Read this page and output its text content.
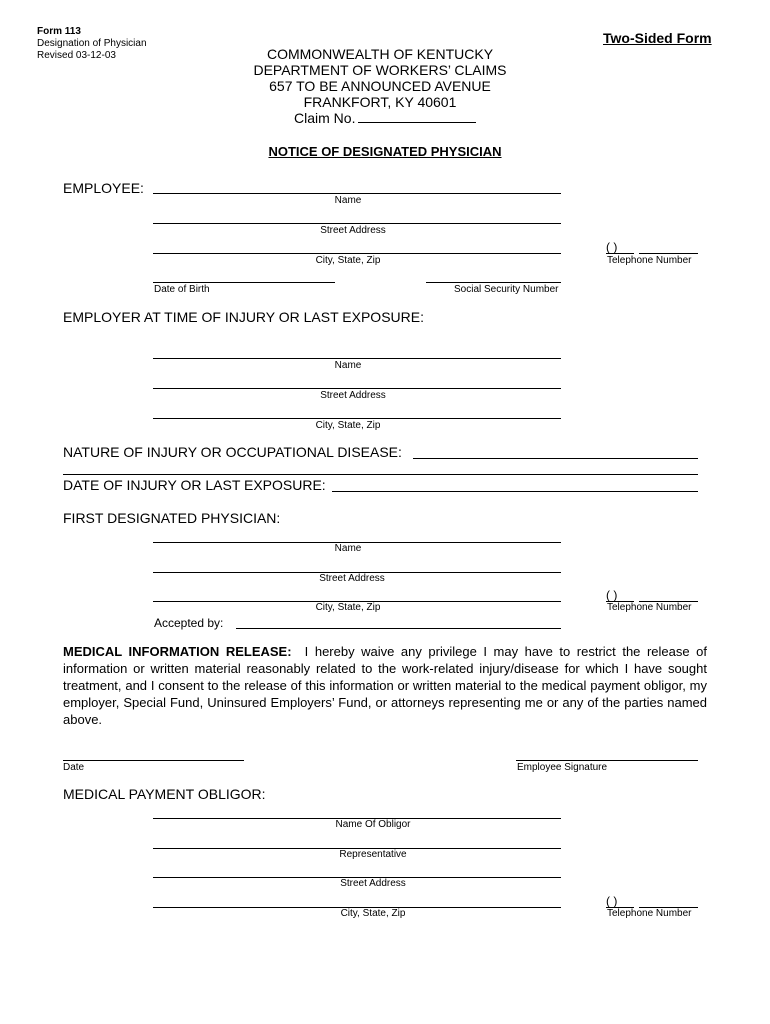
Form 113
Designation of Physician
Revised 03-12-03
Two-Sided Form
COMMONWEALTH OF KENTUCKY
DEPARTMENT OF WORKERS’ CLAIMS
657 TO BE ANNOUNCED AVENUE
FRANKFORT, KY 40601
Claim No.
NOTICE OF DESIGNATED PHYSICIAN
EMPLOYEE:
Name
Street Address
City, State, Zip
( )
Telephone Number
Date of Birth	Social Security Number
EMPLOYER AT TIME OF INJURY OR LAST EXPOSURE:
Name
Street Address
City, State, Zip
NATURE OF INJURY OR OCCUPATIONAL DISEASE:
DATE OF INJURY OR LAST EXPOSURE:
FIRST DESIGNATED PHYSICIAN:
Name
Street Address
City, State, Zip
( )
Telephone Number
Accepted by:
MEDICAL INFORMATION RELEASE: I hereby waive any privilege I may have to restrict the release of information or written material reasonably related to the work-related injury/disease for which I have sought treatment, and I consent to the release of this information or written material to the medical payment obligor, my employer, Special Fund, Uninsured Employers’ Fund, or attorneys representing me or any of the parties named above.
Date	Employee Signature
MEDICAL PAYMENT OBLIGOR:
Name Of Obligor
Representative
Street Address
City, State, Zip
( )
Telephone Number
